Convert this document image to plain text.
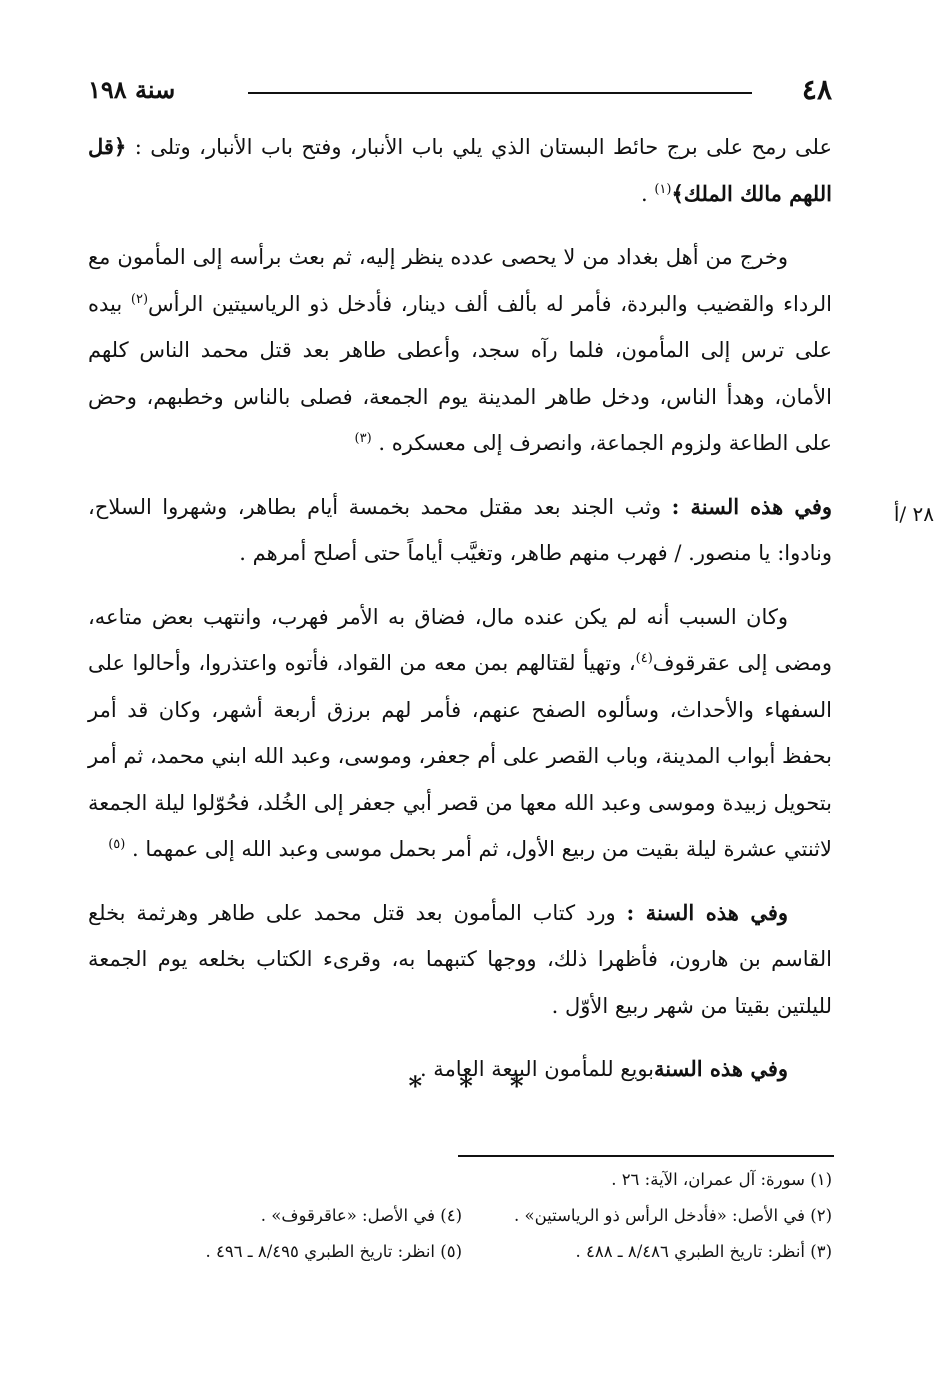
٤٨
سنة ١٩٨
٢٨ /أ

على رمح على برج حائط البستان الذي يلي باب الأنبار، وفتح باب الأنبار، وتلى : ﴿قل اللهم مالك الملك﴾$^{(١)}$ .

وخرج من أهل بغداد من لا يحصى عدده ينظر إليه، ثم بعث برأسه إلى المأمون مع الرداء والقضيب والبردة، فأمر له بألف ألف دينار، فأدخل ذو الرياسيتين الرأس$^{(٢)}$ بيده على ترس إلى المأمون، فلما رآه سجد، وأعطى طاهر بعد قتل محمد الناس كلهم الأمان، وهدأ الناس، ودخل طاهر المدينة يوم الجمعة، فصلى بالناس وخطبهم، وحض على الطاعة ولزوم الجماعة، وانصرف إلى معسكره . $^{(٣)}$

وفي هذه السنة : وثب الجند بعد مقتل محمد بخمسة أيام بطاهر، وشهروا السلاح، ونادوا: يا منصور. / فهرب منهم طاهر، وتغيَّب أياماً حتى أصلح أمرهم .

وكان السبب أنه لم يكن عنده مال، فضاق به الأمر فهرب، وانتهب بعض متاعه، ومضى إلى عقرقوف$^{(٤)}$، وتهيأ لقتالهم بمن معه من القواد، فأتوه واعتذروا، وأحالوا على السفهاء والأحداث، وسألوه الصفح عنهم، فأمر لهم برزق أربعة أشهر، وكان قد أمر بحفظ أبواب المدينة، وباب القصر على أم جعفر، وموسى، وعبد الله ابني محمد، ثم أمر بتحويل زبيدة وموسى وعبد الله معها من قصر أبي جعفر إلى الخُلد، فحُوّلوا ليلة الجمعة لاثنتي عشرة ليلة بقيت من ربيع الأول، ثم أمر بحمل موسى وعبد الله إلى عمهما . $^{(٥)}$

وفي هذه السنة : ورد كتاب المأمون بعد قتل محمد على طاهر وهرثمة بخلع القاسم بن هارون، فأظهرا ذلك، ووجها كتبهما به، وقرىء الكتاب بخلعه يوم الجمعة لليلتين بقيتا من شهر ربيع الأوّل .

وفي هذه السنةبويع للمأمون البيعة العامة .

* * *
(١) سورة: آل عمران، الآية: ٢٦ .
(٢) في الأصل: «فأدخل الرأس ذو الرياستين» .
(٣) أنظر: تاريخ الطبري ٨/٤٨٦ ـ ٤٨٨ .
(٤) في الأصل: «عاقرقوف» .
(٥) انظر: تاريخ الطبري ٨/٤٩٥ ـ ٤٩٦ .
